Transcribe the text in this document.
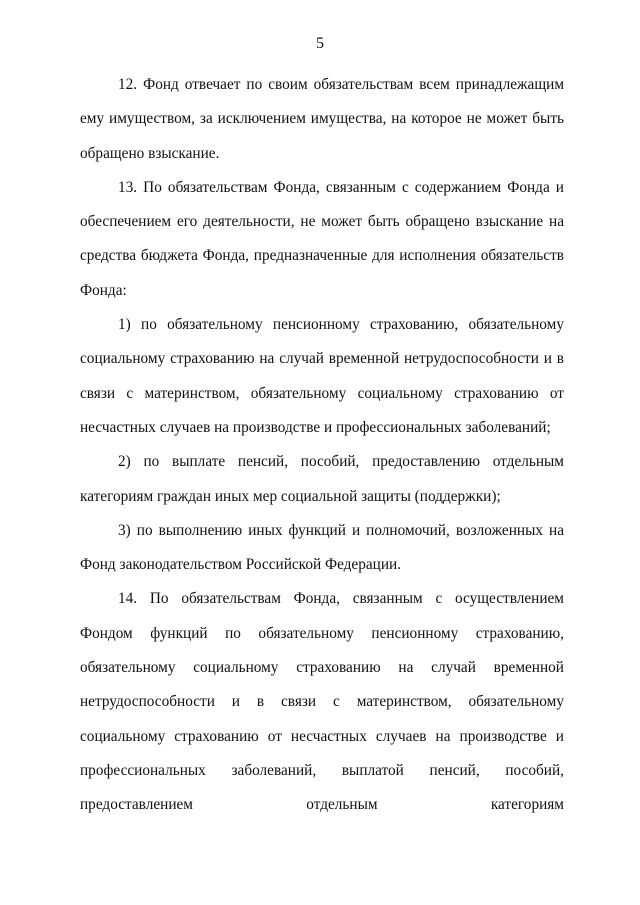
5

12. Фонд отвечает по своим обязательствам всем принадлежащим ему имуществом, за исключением имущества, на которое не может быть обращено взыскание.

13. По обязательствам Фонда, связанным с содержанием Фонда и обеспечением его деятельности, не может быть обращено взыскание на средства бюджета Фонда, предназначенные для исполнения обязательств Фонда:

1) по обязательному пенсионному страхованию, обязательному социальному страхованию на случай временной нетрудоспособности и в связи с материнством, обязательному социальному страхованию от несчастных случаев на производстве и профессиональных заболеваний;

2) по выплате пенсий, пособий, предоставлению отдельным категориям граждан иных мер социальной защиты (поддержки);

3) по выполнению иных функций и полномочий, возложенных на Фонд законодательством Российской Федерации.

14. По обязательствам Фонда, связанным с осуществлением Фондом функций по обязательному пенсионному страхованию, обязательному социальному страхованию на случай временной нетрудоспособности и в связи с материнством, обязательному социальному страхованию от несчастных случаев на производстве и профессиональных заболеваний, выплатой пенсий, пособий, предоставлением отдельным категориям
